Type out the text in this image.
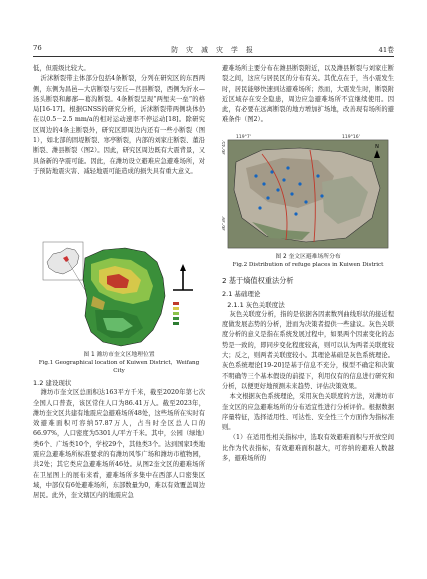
76	防 灾 减 灾 学 报	41卷

低，但震级比较大。

沂沭断裂带主体部分包括4条断裂，分列在研究区的东西两侧，东侧为昌邑—大店断裂与安丘—莒县断裂，西侧为沂水—汤头断裂和鄌郚—葛沟断裂。4条断裂呈现“两堑夹一垒”的格局[16-17]。根据GNSS的研究分析，沂沭断裂带两侧块体仍在以0.5－2.5 mm/a的相对运动速率不停运动[18]。除研究区周边的4条主断裂外，研究区即周边内还有一些小断裂（图1），如北部的固堤断裂、寒亭断裂，内部的刘家庄断裂、董沿断裂、潍县断裂（图2）。因此，研究区周边既有大震背景，又具备新的孕震可能。因此，在潍坊设立避难应急避难场所，对于预防地震灾害、减轻地震可能造成的损失具有重大意义。

图 1 潍坊市奎文区地理位置
Fig.1 Geographical location of Kuiwen District，Weifang
City
1.2 建设现状

潍坊市奎文区总面积达163平方千米，截至2020年第七次全国人口普查，该区常住人口为86.41万人。截至2023年，潍坊奎文区共建有地震应急避难场所48处，这些场所在实时有效避难面积可容纳57.87万人，占当时全区总人口的66.97%，人口密度为5301人/平方千米。其中，公园（绿地）类6个、广场类10个，学校29个，其他类3个。达到国家Ⅰ类地震应急避难场所标准要求的有潍坊风筝广场和潍坊市植物园，共2处；其它类应急避难场所46处。从图2奎文区的避难场所在卫星图上的展布来看，避难场所多集中在西部人口密集区域，中部仅有6处避难场所，东部数量为0，难以有效覆盖周边居民。此外，奎文辖区内的地震应急

避难场所主要分布在潍县断裂附近，以及潍县断裂与刘家庄断裂之间，这应与居民区的分布有关。其优点在于，当小震发生时，居民能够快速到达避难场所；然而，大震发生时，断裂附近区域存在安全隐患，周边应急避难场所不宜继续使用。因此，有必要在远离断裂的地方增加扩场地，改善现有场所的避难条件（图2）。

N
119°7'	119°16'
36°45'
36°39'
图 2 奎文区避难场所分布
Fig.2 Distribution of refuge places in Kuiwen District
2 基于熵值权重法分析
2.1 基础理论
2.1.1 灰色关联度法

灰色关联度分析，指的是依据各因素数列曲线形状的接近程度做发展态势的分析，进而为决策者提供一些建议。灰色关联度分析的意义是指在系统发展过程中，如果两个因素变化的态势是一致的，即同步变化程度较高，则可以认为两者关联度较大；反之，则两者关联度较小。其理论基础是灰色系统理论。灰色系统理论[19-20]是基于信息不充分，模型不确定和决策不明确等三个基本假设的前提下，利用仅有的信息进行研究和分析，以便更好地预测未来趋势、评估决策效果。

本文根据灰色系统理论，采用灰色关联度的方法，对潍坊市奎文区的应急避难场所的分布适宜性进行分析评价。根据数据序量特征，选择适用性、可达性、安全性三个方面作为指标准则。

（1）在适用性相关指标中，选取有效避难面积与开放空间比作为代表指标，有效避难面积越大，可容纳的避难人数越多，避难场所的
